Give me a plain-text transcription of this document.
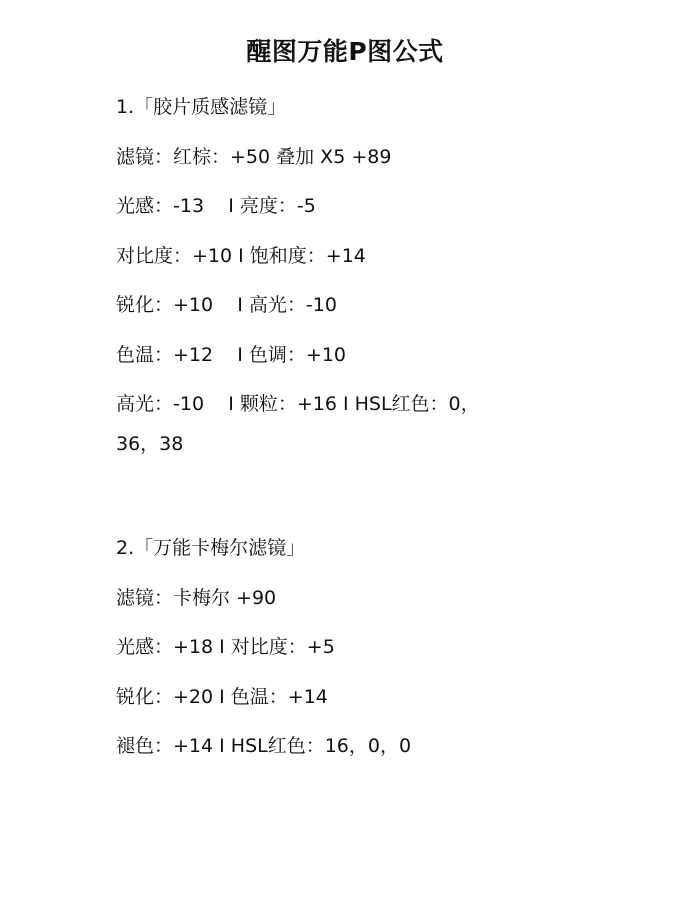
醒图万能P图公式
1.「胶片质感滤镜」
滤镜：红棕：+50 叠加 X5 +89
光感：-13    I 亮度：-5
对比度：+10 I 饱和度：+14
锐化：+10    I 高光：-10
色温：+12    I 色调：+10
高光：-10    I 颗粒：+16 I HSL红色：0，
36，38
2.「万能卡梅尔滤镜」
滤镜：卡梅尔 +90
光感：+18 I 对比度：+5
锐化：+20 I 色温：+14
褪色：+14 I HSL红色：16，0，0
